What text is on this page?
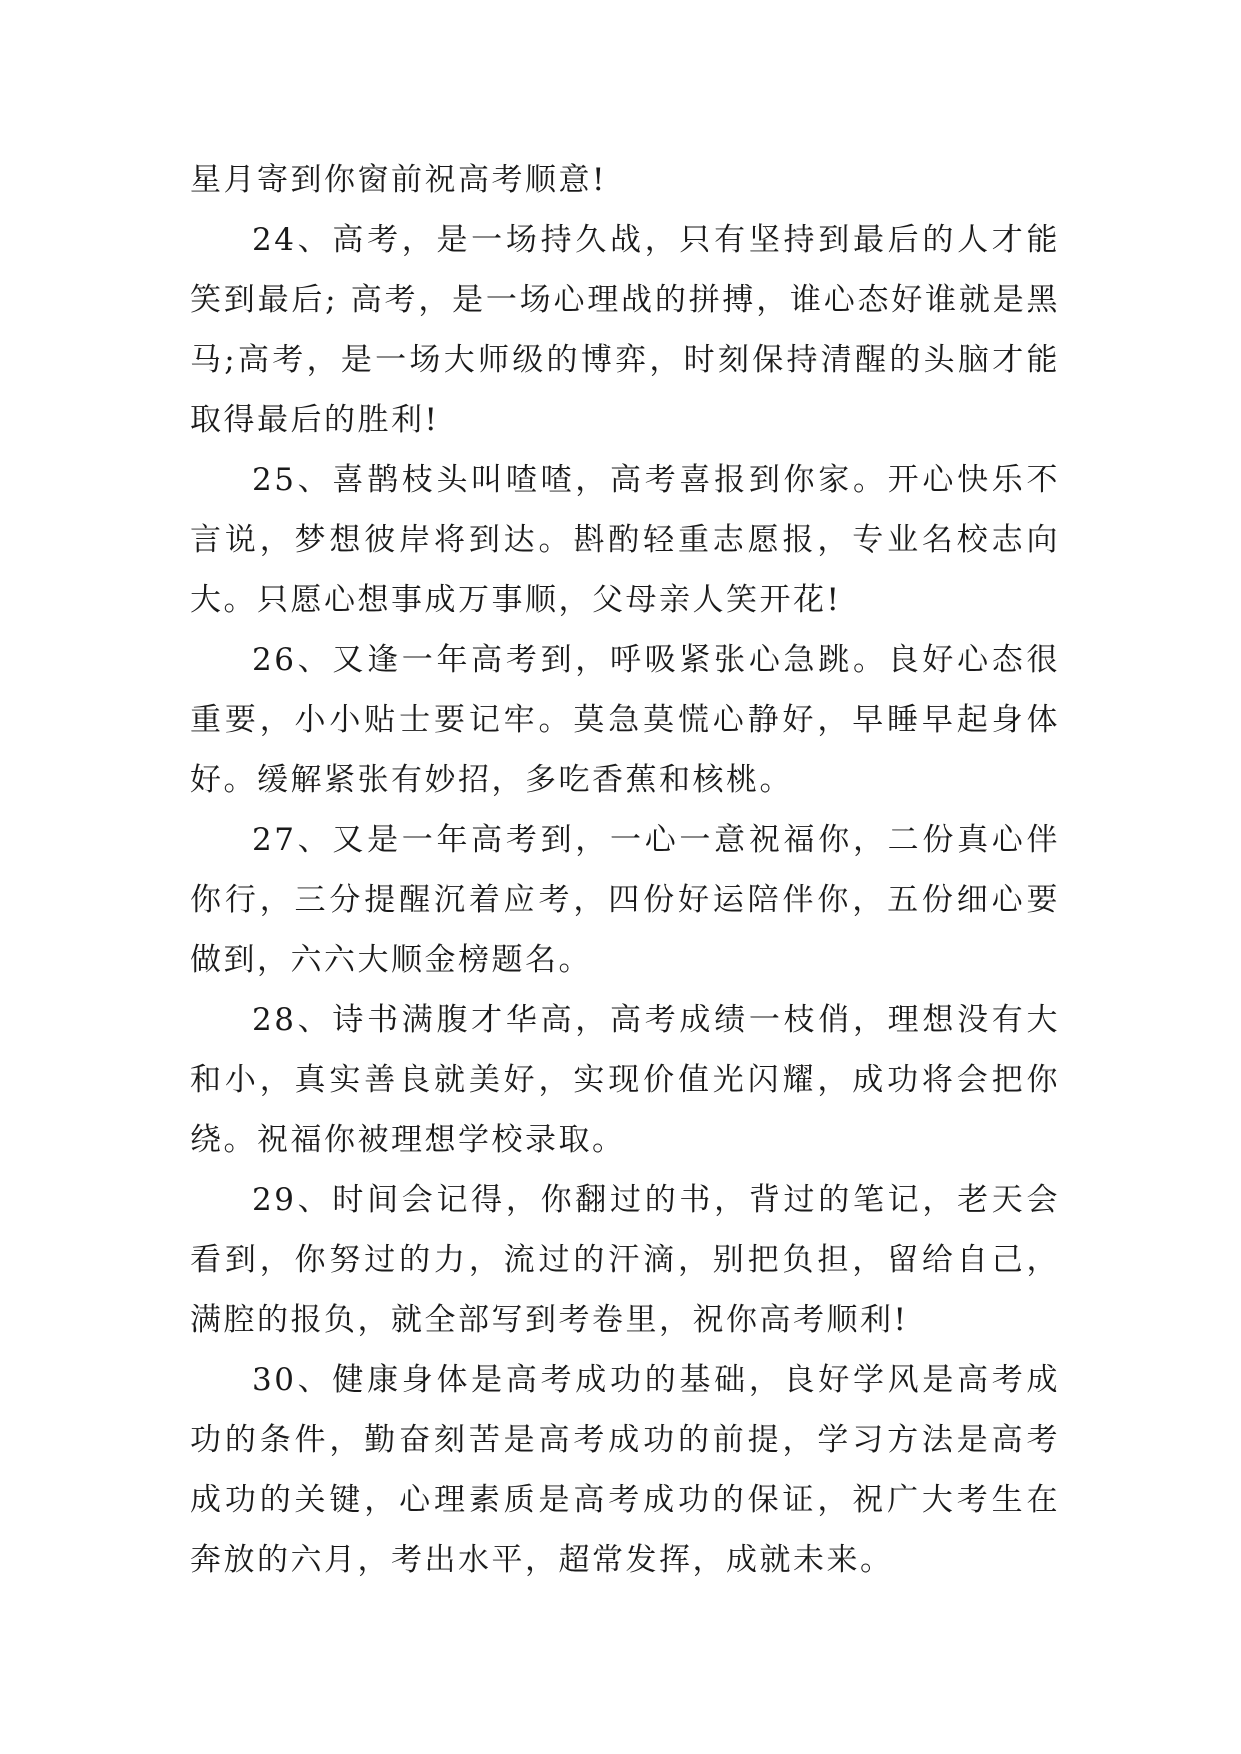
星月寄到你窗前祝高考顺意!

24、高考，是一场持久战，只有坚持到最后的人才能笑到最后; 高考，是一场心理战的拼搏，谁心态好谁就是黑马;高考，是一场大师级的博弈，时刻保持清醒的头脑才能取得最后的胜利!

25、喜鹊枝头叫喳喳，高考喜报到你家。开心快乐不言说，梦想彼岸将到达。斟酌轻重志愿报，专业名校志向大。只愿心想事成万事顺，父母亲人笑开花!

26、又逢一年高考到，呼吸紧张心急跳。良好心态很重要，小小贴士要记牢。莫急莫慌心静好，早睡早起身体好。缓解紧张有妙招，多吃香蕉和核桃。

27、又是一年高考到，一心一意祝福你，二份真心伴你行，三分提醒沉着应考，四份好运陪伴你，五份细心要做到，六六大顺金榜题名。

28、诗书满腹才华高，高考成绩一枝俏，理想没有大和小，真实善良就美好，实现价值光闪耀，成功将会把你绕。祝福你被理想学校录取。

29、时间会记得，你翻过的书，背过的笔记，老天会看到，你努过的力，流过的汗滴，别把负担，留给自己，满腔的报负，就全部写到考卷里，祝你高考顺利!

30、健康身体是高考成功的基础，良好学风是高考成功的条件，勤奋刻苦是高考成功的前提，学习方法是高考成功的关键，心理素质是高考成功的保证，祝广大考生在奔放的六月，考出水平，超常发挥，成就未来。
